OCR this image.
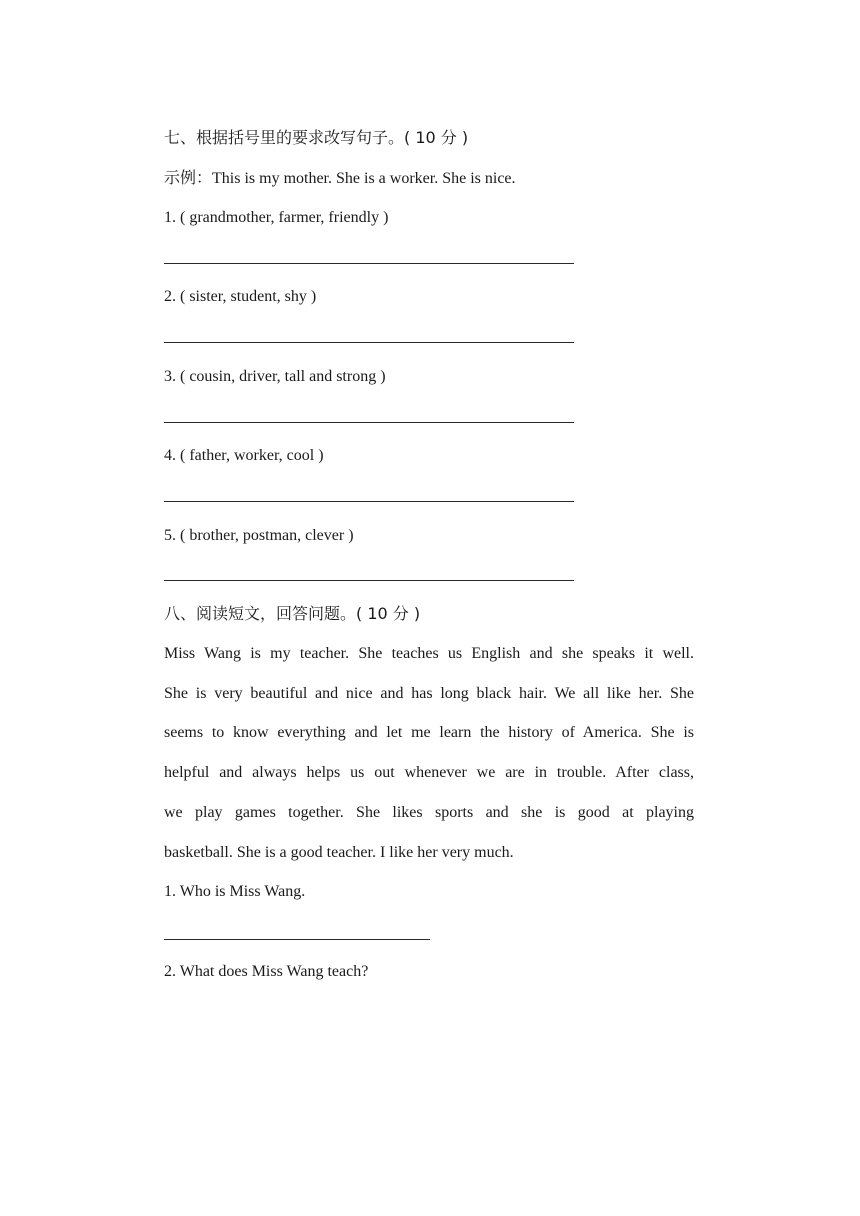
七、根据括号里的要求改写句子。( 10 分 )
示例：This is my mother. She is a worker. She is nice.
1. ( grandmother, farmer, friendly )
2. ( sister, student, shy )
3. ( cousin, driver, tall and strong )
4. ( father, worker, cool )
5. ( brother, postman, clever )
八、阅读短文，回答问题。( 10 分 )
Miss Wang is my teacher. She teaches us English and she speaks it well.
She is very beautiful and nice and has long black hair. We all like her. She
seems to know everything and let me learn the history of America. She is
helpful and always helps us out whenever we are in trouble. After class,
we play games together. She likes sports and she is good at playing
basketball. She is a good teacher. I like her very much.
1. Who is Miss Wang.
2. What does Miss Wang teach?
